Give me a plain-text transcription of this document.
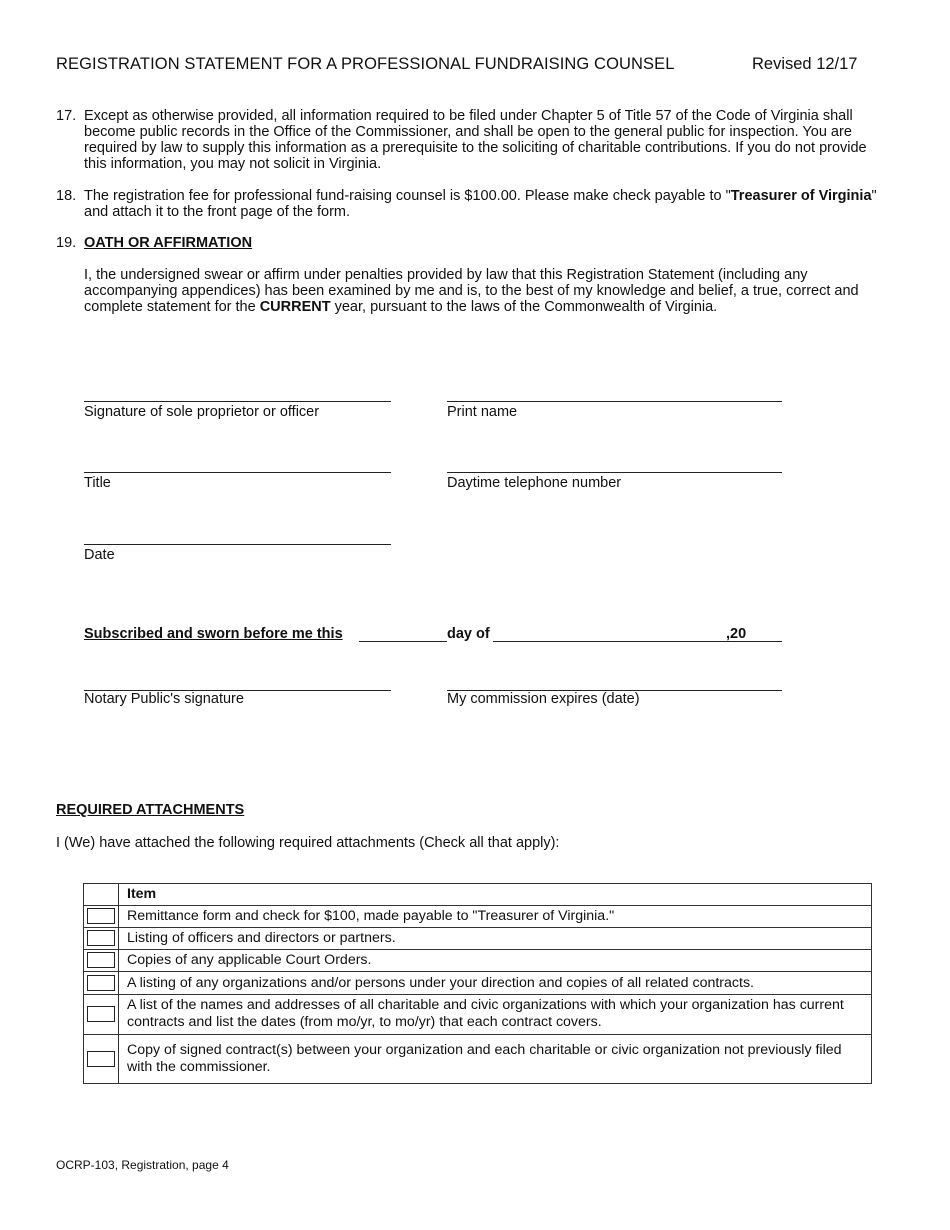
REGISTRATION STATEMENT FOR A PROFESSIONAL FUNDRAISING COUNSEL	Revised 12/17
17. Except as otherwise provided, all information required to be filed under Chapter 5 of Title 57 of the Code of Virginia shall become public records in the Office of the Commissioner, and shall be open to the general public for inspection. You are required by law to supply this information as a prerequisite to the soliciting of charitable contributions. If you do not provide this information, you may not solicit in Virginia.
18. The registration fee for professional fund-raising counsel is $100.00. Please make check payable to "Treasurer of Virginia" and attach it to the front page of the form.
19. OATH OR AFFIRMATION
I, the undersigned swear or affirm under penalties provided by law that this Registration Statement (including any accompanying appendices) has been examined by me and is, to the best of my knowledge and belief, a true, correct and complete statement for the CURRENT year, pursuant to the laws of the Commonwealth of Virginia.
Signature of sole proprietor or officer	Print name
Title	Daytime telephone number
Date
Subscribed and sworn before me this	day of	,20
Notary Public's signature	My commission expires (date)
REQUIRED ATTACHMENTS
I (We) have attached the following required attachments (Check all that apply):
	Item
	Remittance form and check for $100, made payable to "Treasurer of Virginia."
	Listing of officers and directors or partners.
	Copies of any applicable Court Orders.
	A listing of any organizations and/or persons under your direction and copies of all related contracts.
	A list of the names and addresses of all charitable and civic organizations with which your organization has current contracts and list the dates (from mo/yr, to mo/yr) that each contract covers.
	Copy of signed contract(s) between your organization and each charitable or civic organization not previously filed with the commissioner.
OCRP-103, Registration, page 4
